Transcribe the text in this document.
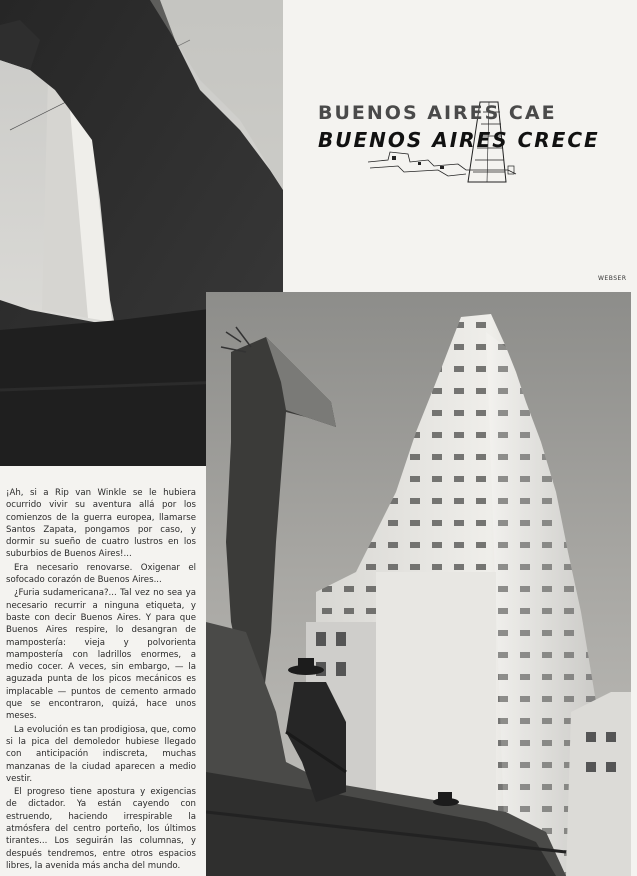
BUENOS AIRES CAE
BUENOS AIRES CRECE
WEBSER

¡Ah, si a Rip van Winkle se le hubiera ocurrido vivir su aventura allá por los comienzos de la guerra europea, llamarse Santos Zapata, pongamos por caso, y dormir su sueño de cuatro lustros en los suburbios de Buenos Aires!...

Era necesario renovarse. Oxigenar el sofocado corazón de Buenos Aires...

¿Furia sudamericana?... Tal vez no sea ya necesario recurrir a ninguna etiqueta, y baste con decir Buenos Aires. Y para que Buenos Aires respire, lo desangran de mampostería: vieja y polvorienta mampostería con ladrillos enormes, a medio cocer. A veces, sin embargo, — la aguzada punta de los picos mecánicos es implacable — puntos de cemento armado que se encontraron, quizá, hace unos meses.

La evolución es tan prodigiosa, que, como si la pica del demoledor hubiese llegado con anticipación indiscreta, muchas manzanas de la ciudad aparecen a medio vestir.

El progreso tiene apostura y exigencias de dictador. Ya están cayendo con estruendo, haciendo irrespirable la atmósfera del centro porteño, los últimos tirantes... Los seguirán las columnas, y después tendremos, entre otros espacios libres, la avenida más ancha del mundo.
